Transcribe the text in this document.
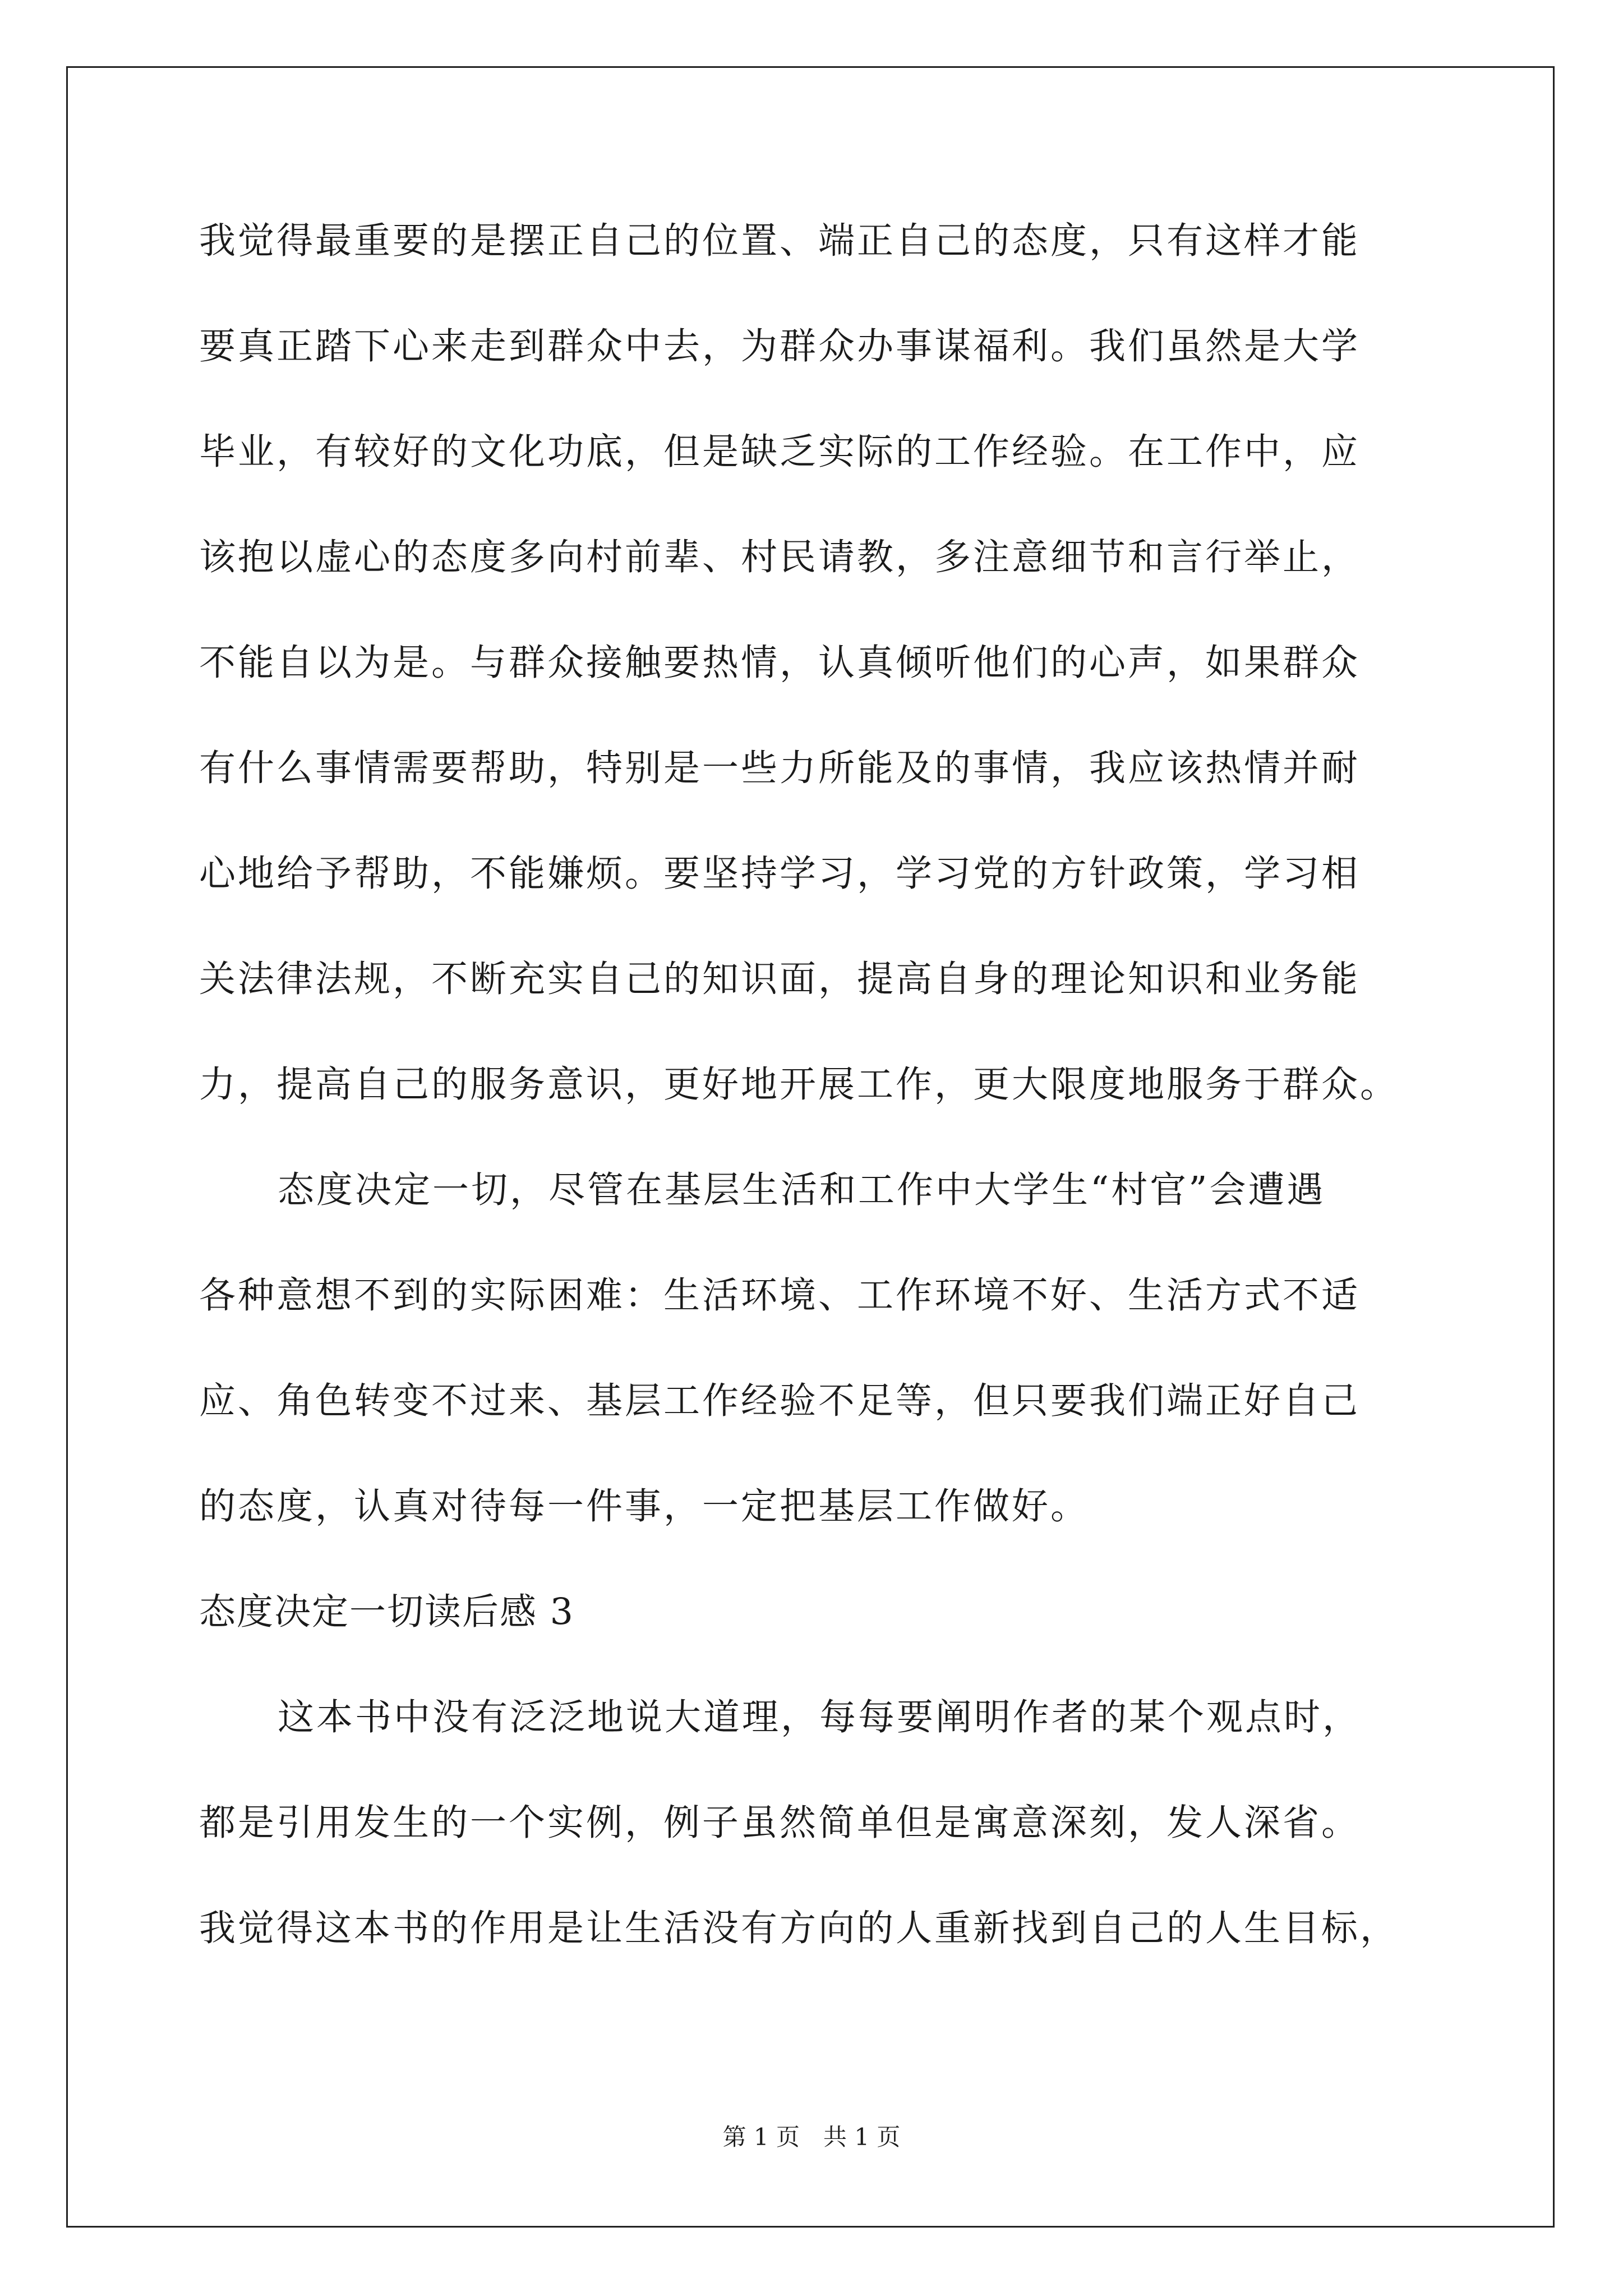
我觉得最重要的是摆正自己的位置、端正自己的态度，只有这样才能
要真正踏下心来走到群众中去，为群众办事谋福利。我们虽然是大学
毕业，有较好的文化功底，但是缺乏实际的工作经验。在工作中，应
该抱以虚心的态度多向村前辈、村民请教，多注意细节和言行举止，
不能自以为是。与群众接触要热情，认真倾听他们的心声，如果群众
有什么事情需要帮助，特别是一些力所能及的事情，我应该热情并耐
心地给予帮助，不能嫌烦。要坚持学习，学习党的方针政策，学习相
关法律法规，不断充实自己的知识面，提高自身的理论知识和业务能
力，提高自己的服务意识，更好地开展工作，更大限度地服务于群众。
态度决定一切，尽管在基层生活和工作中大学生“村官”会遭遇
各种意想不到的实际困难：生活环境、工作环境不好、生活方式不适
应、角色转变不过来、基层工作经验不足等，但只要我们端正好自己
的态度，认真对待每一件事，一定把基层工作做好。
态度决定一切读后感 3
这本书中没有泛泛地说大道理，每每要阐明作者的某个观点时，
都是引用发生的一个实例，例子虽然简单但是寓意深刻，发人深省。
我觉得这本书的作用是让生活没有方向的人重新找到自己的人生目标，
第 1 页　共 1 页
